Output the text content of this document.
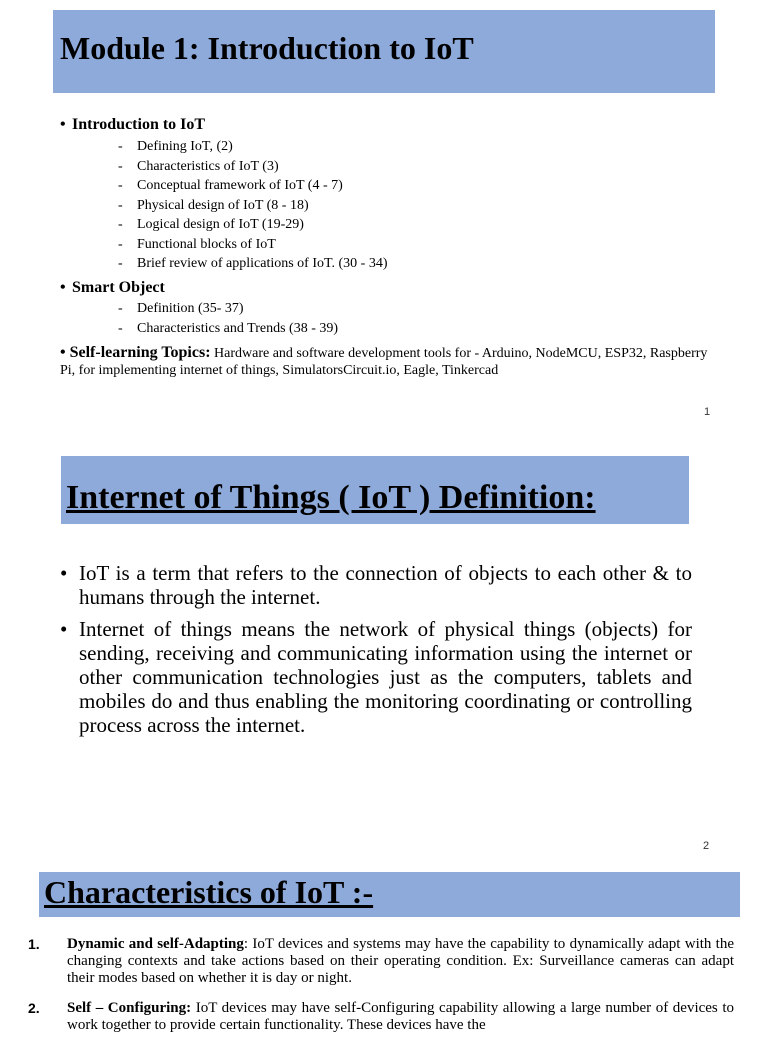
Module 1: Introduction to IoT
• Introduction to IoT
- Defining IoT, (2)
- Characteristics of IoT (3)
- Conceptual framework of IoT (4 - 7)
- Physical design of IoT (8 - 18)
- Logical design of IoT (19-29)
- Functional blocks of IoT
- Brief review of applications of IoT. (30 - 34)
• Smart Object
- Definition (35- 37)
- Characteristics and Trends (38 - 39)
• Self-learning Topics: Hardware and software development tools for - Arduino, NodeMCU, ESP32, Raspberry Pi, for implementing internet of things, SimulatorsCircuit.io, Eagle, Tinkercad
1
Internet of Things ( IoT ) Definition:
• IoT is a term that refers to the connection of objects to each other & to humans through the internet.
• Internet of things means the network of physical things (objects) for sending, receiving and communicating information using the internet or other communication technologies just as the computers, tablets and mobiles do and thus enabling the monitoring coordinating or controlling process across the internet.
2
Characteristics of IoT :-
1. Dynamic and self-Adapting: IoT devices and systems may have the capability to dynamically adapt with the changing contexts and take actions based on their operating condition. Ex: Surveillance cameras can adapt their modes based on whether it is day or night.
2. Self – Configuring: IoT devices may have self-Configuring capability allowing a large number of devices to work together to provide certain functionality. These devices have the
